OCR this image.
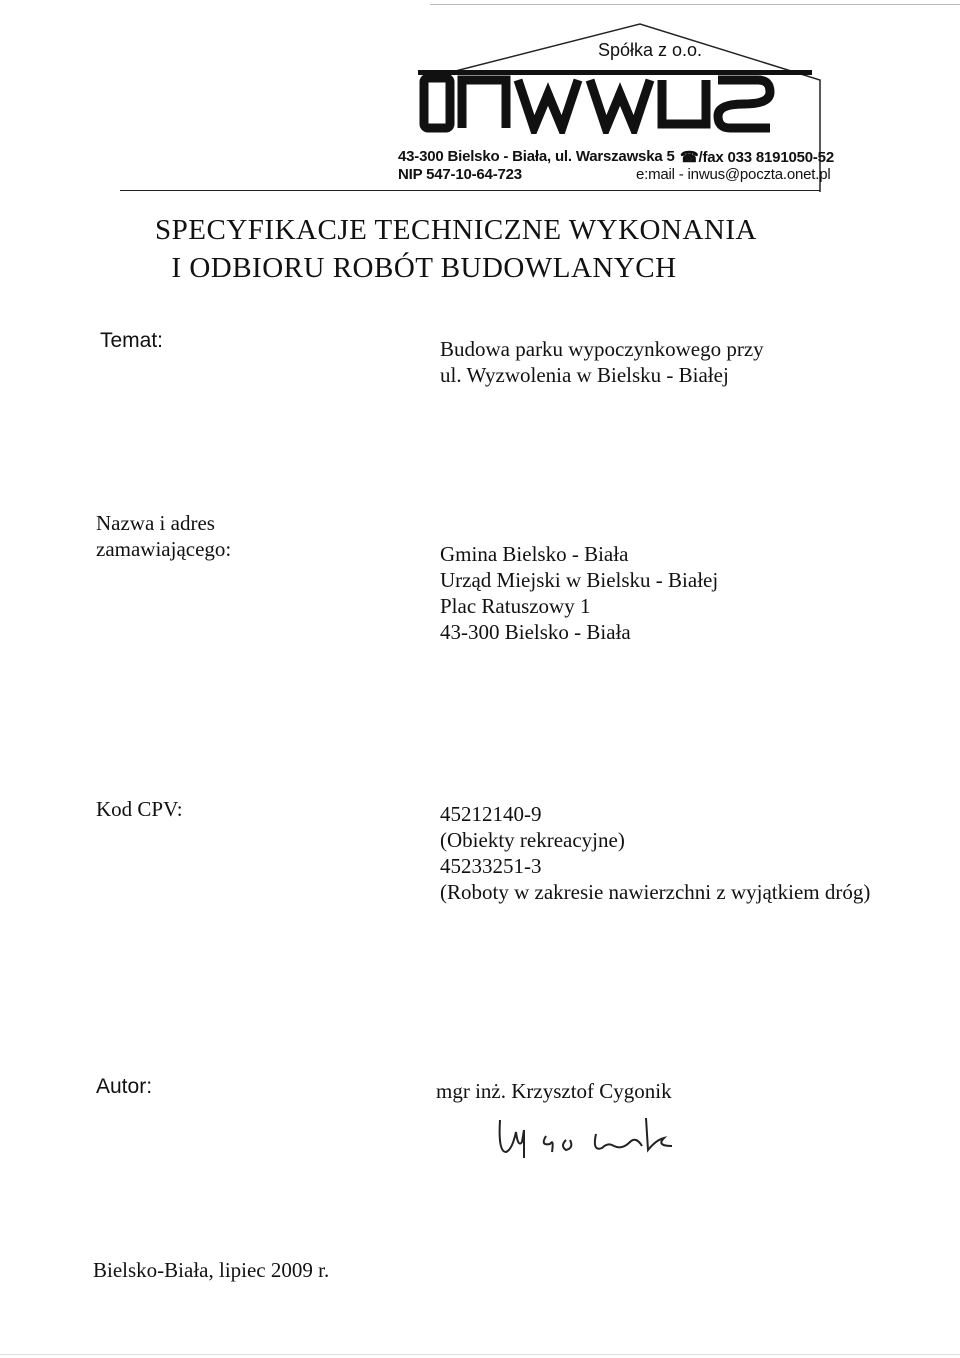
Spółka z o.o.
43-300 Bielsko - Biała, ul. Warszawska 5 ☎/fax 033 8191050-52
NIP 547-10-64-723	e:mail - inwus@poczta.onet.pl
SPECYFIKACJE TECHNICZNE WYKONANIA
I ODBIORU ROBÓT BUDOWLANYCH
Temat:	Budowa parku wypoczynkowego przy
ul. Wyzwolenia w Bielsku - Białej
Nazwa i adres
zamawiającego:	Gmina Bielsko - Biała
Urząd Miejski w Bielsku - Białej
Plac Ratuszowy 1
43-300 Bielsko - Biała
Kod CPV:	45212140-9
(Obiekty rekreacyjne)
45233251-3
(Roboty w zakresie nawierzchni z wyjątkiem dróg)
Autor:	mgr inż. Krzysztof Cygonik
Bielsko-Biała, lipiec 2009 r.
